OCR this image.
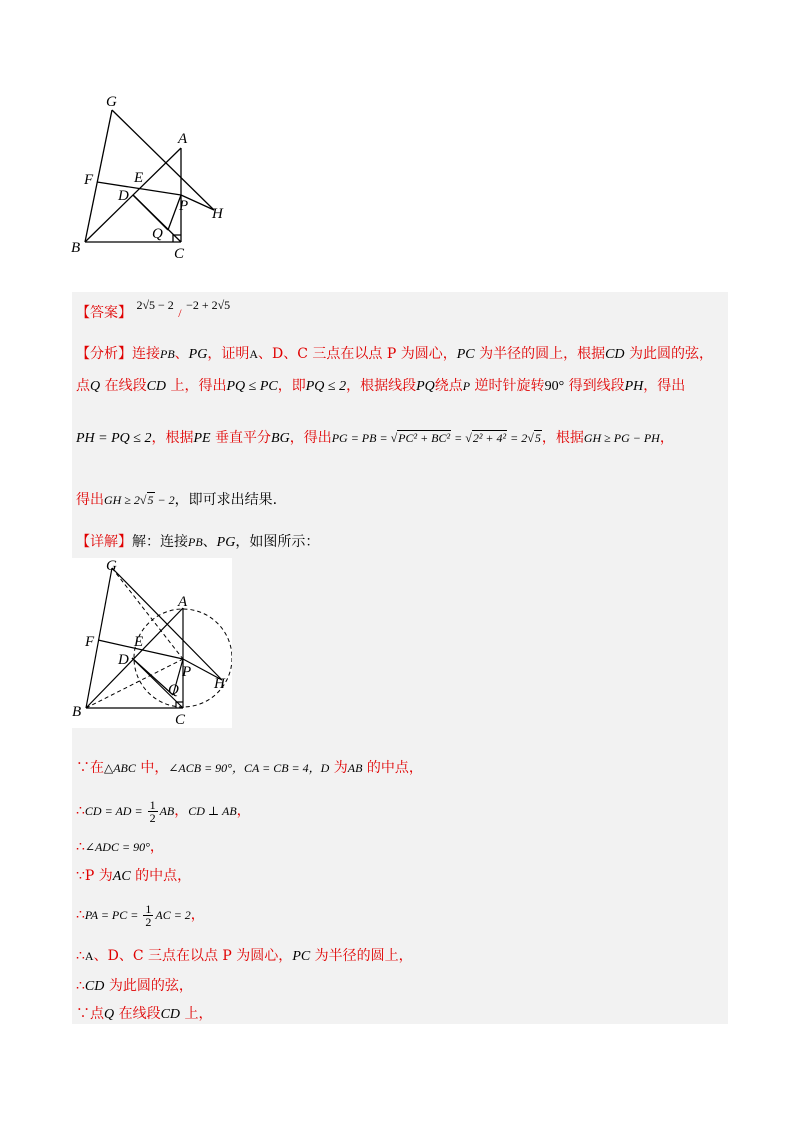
G
A
F	E
D
P H
Q
B	C
【答案】 2√5 − 2 / −2 + 2√5
【分析】连接PB、PG，证明A、D、C 三点在以点 P 为圆心，PC 为半径的圆上，根据CD 为此圆的弦，
点Q 在线段CD 上，得出PQ ≤ PC，即PQ ≤ 2，根据线段PQ绕点P 逆时针旋转90° 得到线段PH，得出
PH = PQ ≤ 2，根据PE 垂直平分BG，得出PG = PB = √PC² + BC² = √2² + 4² = 2√5，根据GH ≥ PG − PH，
得出GH ≥ 2√5 − 2，即可求出结果.
【详解】解：连接PB、PG，如图所示：
G
A
F	E
D
P
H
Q
B	C
∵在△ABC 中，∠ACB = 90°，CA = CB = 4，D 为AB 的中点，
∴CD = AD = $\frac{1}{2}$ AB，CD ⊥ AB，
∴∠ADC = 90°，
∵P 为AC 的中点，
∴PA = PC = $\frac{1}{2}$ AC = 2，
∴A、D、C 三点在以点 P 为圆心，PC 为半径的圆上，
∴CD 为此圆的弦，
∵点Q 在线段CD 上，
